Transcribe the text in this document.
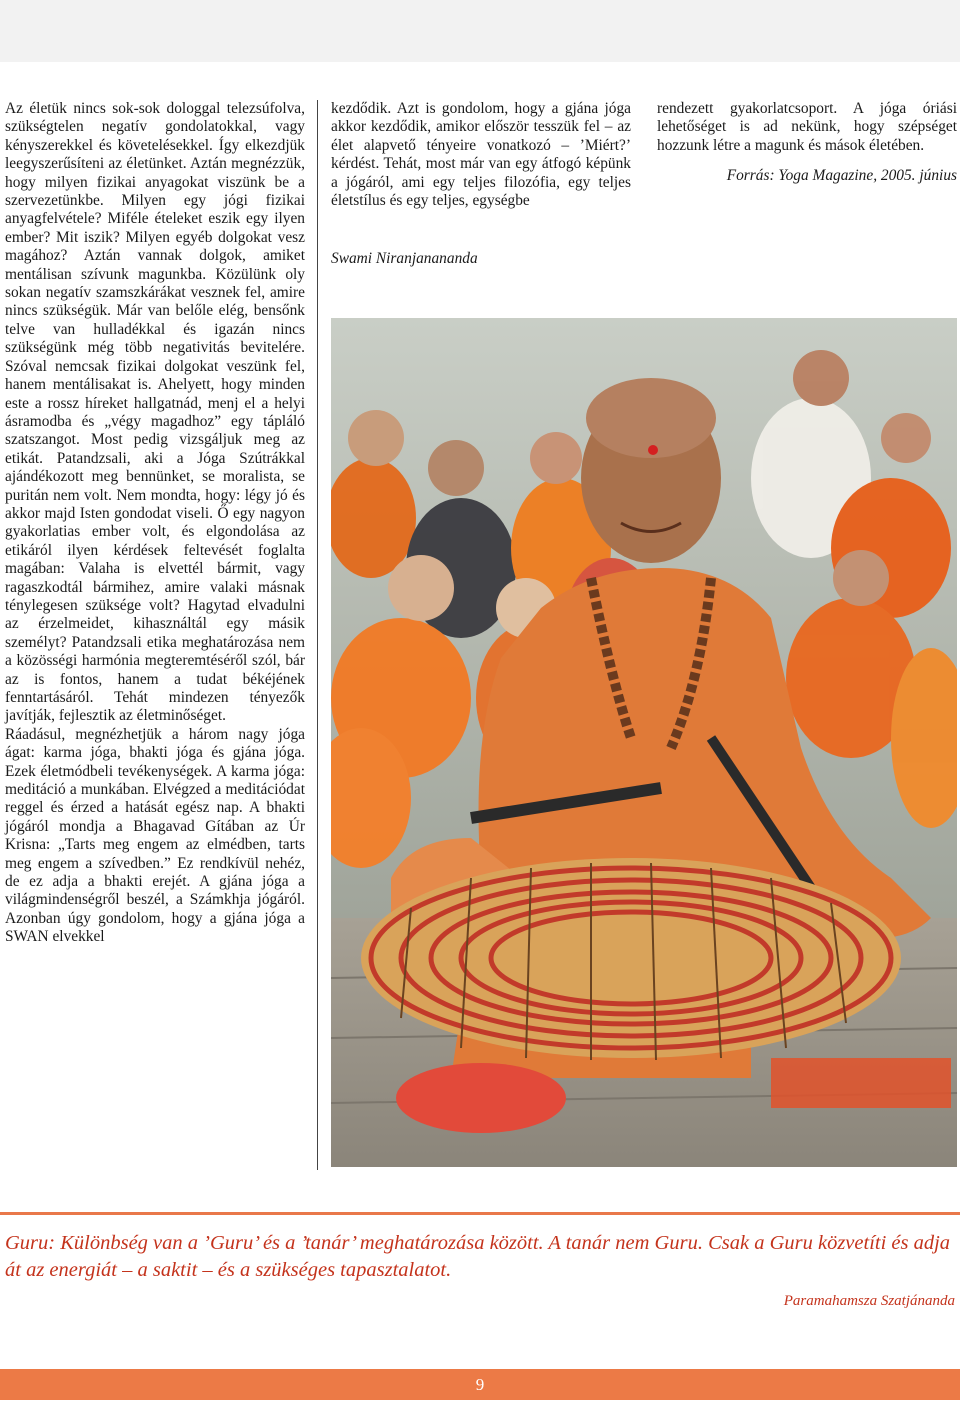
Az életük nincs sok-sok dologgal telezsúfolva, szükségtelen negatív gondolatokkal, vagy kényszerekkel és követelésekkel. Így elkezdjük leegyszerűsíteni az életünket. Aztán megnézzük, hogy milyen fizikai anyagokat viszünk be a szervezetünkbe. Milyen egy jógi fizikai anyagfelvétele? Miféle ételeket eszik egy ilyen ember? Mit iszik? Milyen egyéb dolgokat vesz magához? Aztán vannak dolgok, amiket mentálisan szívunk magunkba. Közülünk oly sokan negatív szamszkárákat vesznek fel, amire nincs szükségük. Már van belőle elég, bensőnk telve van hulladékkal és igazán nincs szükségünk még több negativitás bevitelére. Szóval nemcsak fizikai dolgokat veszünk fel, hanem mentálisakat is. Ahelyett, hogy minden este a rossz híreket hallgatnád, menj el a helyi ásramodba és „végy magadhoz” egy tápláló szatszangot. Most pedig vizsgáljuk meg az etikát. Patandzsali, aki a Jóga Szútrákkal ajándékozott meg bennünket, se moralista, se puritán nem volt. Nem mondta, hogy: légy jó és akkor majd Isten gondodat viseli. Ő egy nagyon gyakorlatias ember volt, és elgondolása az etikáról ilyen kérdések feltevését foglalta magában: Valaha is elvettél bármit, vagy ragaszkodtál bármihez, amire valaki másnak ténylegesen szüksége volt? Hagytad elvadulni az érzelmeidet, kihasználtál egy másik személyt? Patandzsali etika meghatározása nem a közösségi harmónia megteremtéséről szól, bár az is fontos, hanem a tudat békéjének fenntartásáról. Tehát mindezen tényezők javítják, fejlesztik az életminőséget.

Ráadásul, megnézhetjük a három nagy jóga ágat: karma jóga, bhakti jóga és gjána jóga. Ezek életmódbeli tevékenységek. A karma jóga: meditáció a munkában. Elvégzed a meditációdat reggel és érzed a hatását egész nap. A bhakti jógáról mondja a Bhagavad Gítában az Úr Krisna: „Tarts meg engem az elmédben, tarts meg engem a szívedben.” Ez rendkívül nehéz, de ez adja a bhakti erejét. A gjána jóga a világmindenségről beszél, a Számkhja jógáról. Azonban úgy gondolom, hogy a gjána jóga a SWAN elvekkel

kezdődik. Azt is gondolom, hogy a gjána jóga akkor kezdődik, amikor először tesszük fel – az élet alapvető tényeire vonatkozó – ’Miért?’ kérdést. Tehát, most már van egy átfogó képünk a jógáról, ami egy teljes filozófia, egy teljes életstílus és egy teljes, egységbe

Swami Niranjanananda

rendezett gyakorlatcsoport. A jóga óriási lehetőséget is ad nekünk, hogy szépséget hozzunk létre a magunk és mások életében.

Forrás: Yoga Magazine, 2005. június

Guru: Különbség van a ’Guru’ és a ’tanár’ meghatározása között. A tanár nem Guru. Csak a Guru közvetíti és adja át az energiát – a saktit – és a szükséges tapasztalatot.
Paramahamsza Szatjánanda
9
